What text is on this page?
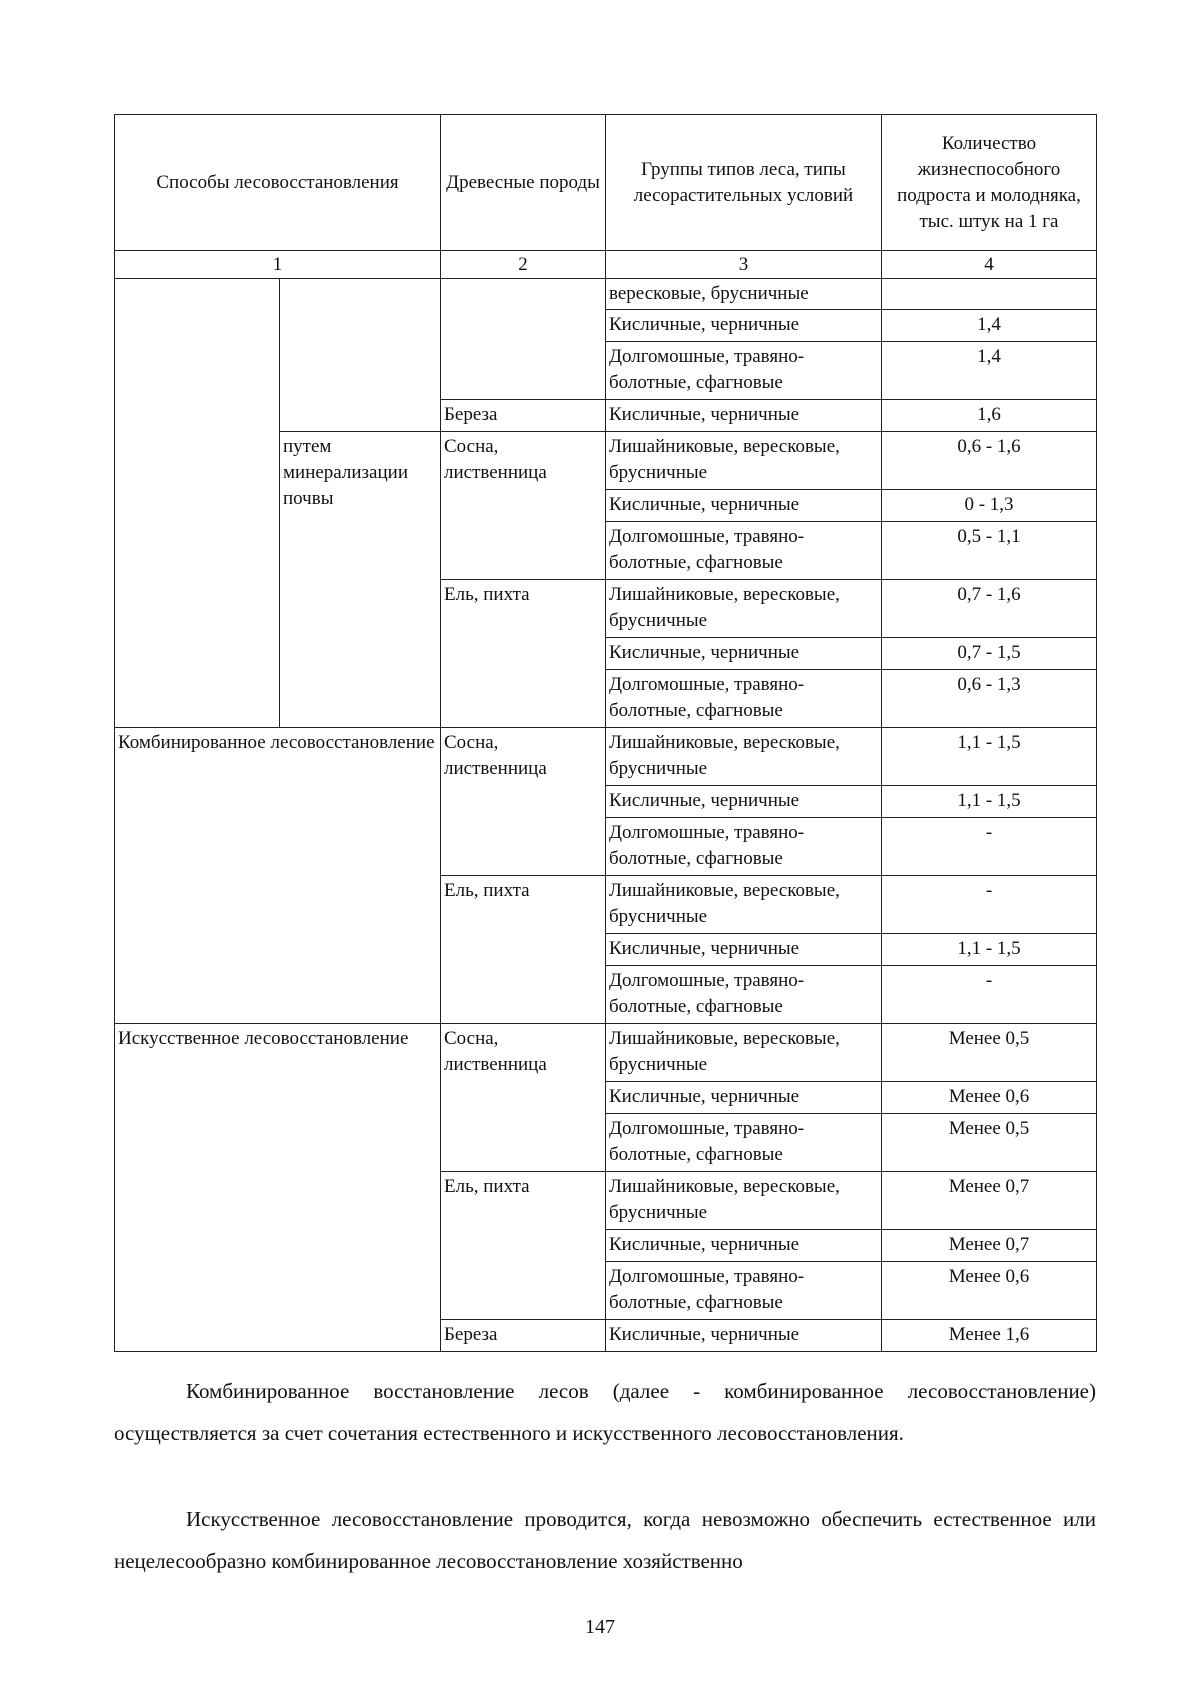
Способы лесовосстановления		Древесные породы	Группы типов леса, типы лесорастительных условий	Количество жизнеспособного подроста и молодняка, тыс. штук на 1 га
1		2	3	4
			вересковые, брусничные	
			Кисличные, черничные	1,4
			Долгомошные, травяно-болотные, сфагновые	1,4
		Береза	Кисличные, черничные	1,6
	путем минерализации почвы	Сосна, лиственница	Лишайниковые, вересковые, брусничные	0,6 - 1,6
			Кисличные, черничные	0 - 1,3
			Долгомошные, травяно-болотные, сфагновые	0,5 - 1,1
		Ель, пихта	Лишайниковые, вересковые, брусничные	0,7 - 1,6
			Кисличные, черничные	0,7 - 1,5
			Долгомошные, травяно-болотные, сфагновые	0,6 - 1,3
Комбинированное лесовосстановление		Сосна, лиственница	Лишайниковые, вересковые, брусничные	1,1 - 1,5
			Кисличные, черничные	1,1 - 1,5
			Долгомошные, травяно-болотные, сфагновые	-
		Ель, пихта	Лишайниковые, вересковые, брусничные	-
			Кисличные, черничные	1,1 - 1,5
			Долгомошные, травяно-болотные, сфагновые	-
Искусственное лесовосстановление		Сосна, лиственница	Лишайниковые, вересковые, брусничные	Менее 0,5
			Кисличные, черничные	Менее 0,6
			Долгомошные, травяно-болотные, сфагновые	Менее 0,5
		Ель, пихта	Лишайниковые, вересковые, брусничные	Менее 0,7
			Кисличные, черничные	Менее 0,7
			Долгомошные, травяно-болотные, сфагновые	Менее 0,6
		Береза	Кисличные, черничные	Менее 1,6

Комбинированное восстановление лесов (далее - комбинированное лесовосстановление) осуществляется за счет сочетания естественного и искусственного лесовосстановления.

Искусственное лесовосстановление проводится, когда невозможно обеспечить естественное или нецелесообразно комбинированное лесовосстановление хозяйственно

147
